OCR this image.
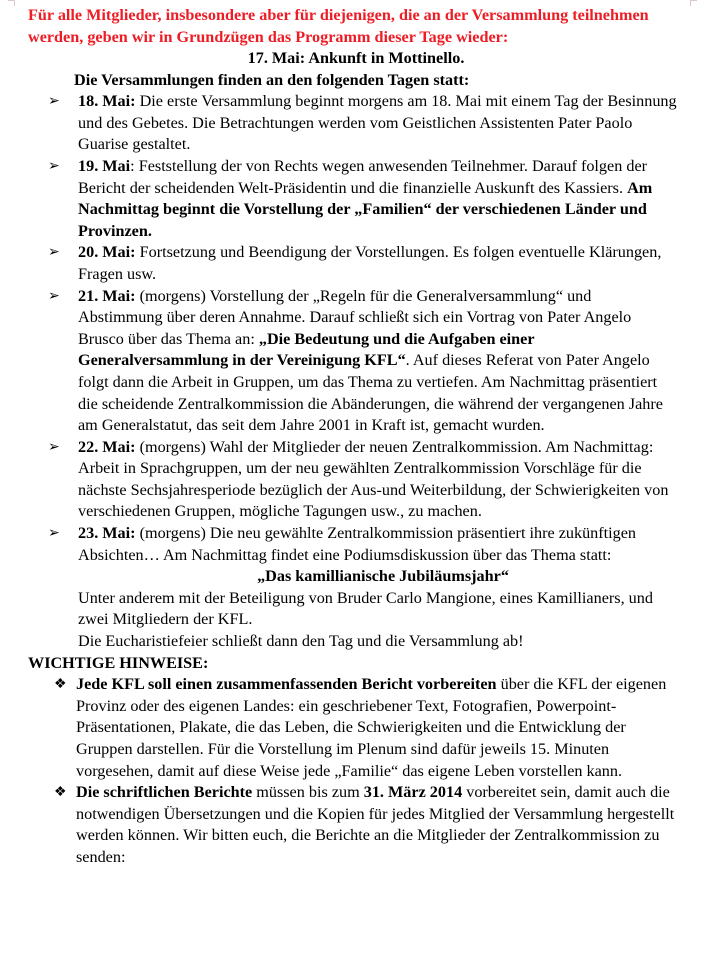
Für alle Mitglieder, insbesondere aber für diejenigen, die an der Versammlung teilnehmen werden, geben wir in Grundzügen das Programm dieser Tage wieder:

17. Mai: Ankunft in Mottinello.

Die Versammlungen finden an den folgenden Tagen statt:

➢ 18. Mai: Die erste Versammlung beginnt morgens am 18. Mai mit einem Tag der Besinnung und des Gebetes. Die Betrachtungen werden vom Geistlichen Assistenten Pater Paolo Guarise gestaltet.
➢ 19. Mai: Feststellung der von Rechts wegen anwesenden Teilnehmer. Darauf folgen der Bericht der scheidenden Welt-Präsidentin und die finanzielle Auskunft des Kassiers. Am Nachmittag beginnt die Vorstellung der „Familien“ der verschiedenen Länder und Provinzen.
➢ 20. Mai: Fortsetzung und Beendigung der Vorstellungen. Es folgen eventuelle Klärungen, Fragen usw.
➢ 21. Mai: (morgens) Vorstellung der „Regeln für die Generalversammlung“ und Abstimmung über deren Annahme. Darauf schließt sich ein Vortrag von Pater Angelo Brusco über das Thema an: „Die Bedeutung und die Aufgaben einer Generalversammlung in der Vereinigung KFL“. Auf dieses Referat von Pater Angelo folgt dann die Arbeit in Gruppen, um das Thema zu vertiefen. Am Nachmittag präsentiert die scheidende Zentralkommission die Abänderungen, die während der vergangenen Jahre am Generalstatut, das seit dem Jahre 2001 in Kraft ist, gemacht wurden.
➢ 22. Mai: (morgens) Wahl der Mitglieder der neuen Zentralkommission. Am Nachmittag: Arbeit in Sprachgruppen, um der neu gewählten Zentralkommission Vorschläge für die nächste Sechsjahresperiode bezüglich der Aus-und Weiterbildung, der Schwierigkeiten von verschiedenen Gruppen, mögliche Tagungen usw., zu machen.
➢ 23. Mai: (morgens) Die neu gewählte Zentralkommission präsentiert ihre zukünftigen Absichten… Am Nachmittag findet eine Podiumsdiskussion über das Thema statt:

„Das kamillianische Jubiläumsjahr“

Unter anderem mit der Beteiligung von Bruder Carlo Mangione, eines Kamillianers, und zwei Mitgliedern der KFL.

Die Eucharistiefeier schließt dann den Tag und die Versammlung ab!

WICHTIGE HINWEISE:

❖ Jede KFL soll einen zusammenfassenden Bericht vorbereiten über die KFL der eigenen Provinz oder des eigenen Landes: ein geschriebener Text, Fotografien, Powerpoint-Präsentationen, Plakate, die das Leben, die Schwierigkeiten und die Entwicklung der Gruppen darstellen. Für die Vorstellung im Plenum sind dafür jeweils 15. Minuten vorgesehen, damit auf diese Weise jede „Familie“ das eigene Leben vorstellen kann.
❖ Die schriftlichen Berichte müssen bis zum 31. März 2014 vorbereitet sein, damit auch die notwendigen Übersetzungen und die Kopien für jedes Mitglied der Versammlung hergestellt werden können. Wir bitten euch, die Berichte an die Mitglieder der Zentralkommission zu senden:
